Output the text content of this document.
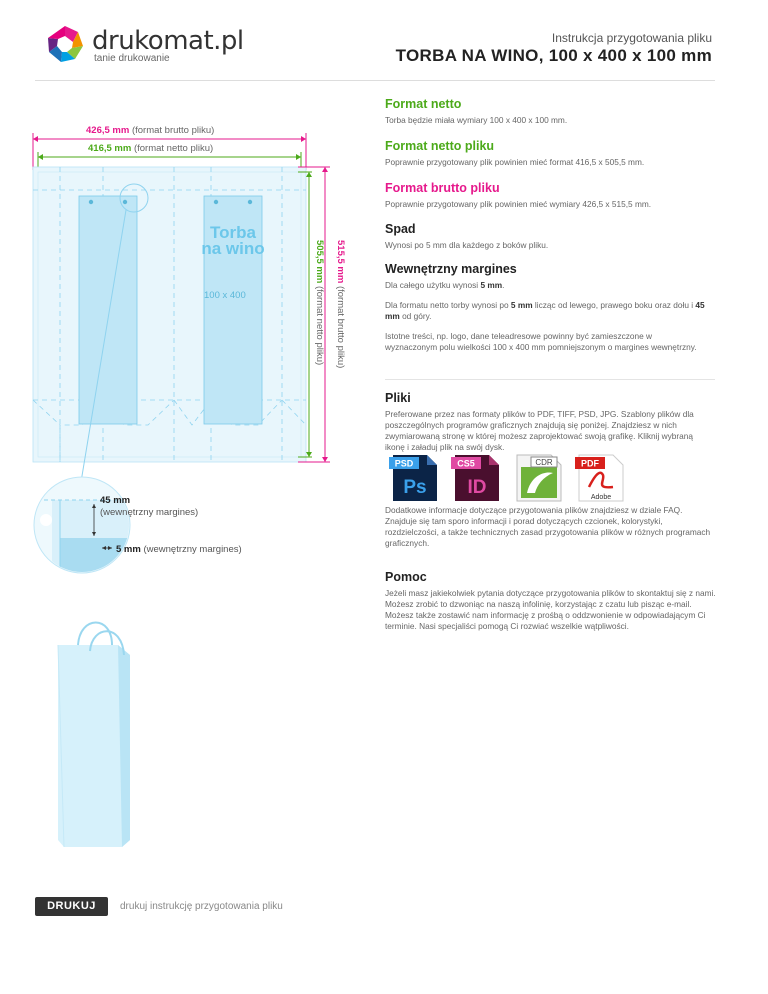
drukomat.pl
tanie drukowanie
Instrukcja przygotowania pliku
TORBA NA WINO, 100 x 400 x 100 mm
426,5 mm (format brutto pliku)
416,5 mm (format netto pliku)
515,5 mm (format brutto pliku)
505,5 mm (format netto pliku)
Torba na wino
100 x 400
45 mm
(wewnętrzny margines)
5 mm (wewnętrzny margines)
Format netto

Torba będzie miała wymiary 100 x 400 x 100 mm.

Format netto pliku

Poprawnie przygotowany plik powinien mieć format 416,5 x 505,5 mm.

Format brutto pliku

Poprawnie przygotowany plik powinien mieć wymiary 426,5 x 515,5 mm.

Spad

Wynosi po 5 mm dla każdego z boków pliku.

Wewnętrzny margines

Dla całego użytku wynosi 5 mm.

Dla formatu netto torby wynosi po 5 mm licząc od lewego, prawego boku oraz dołu i 45 mm od góry.

Istotne treści, np. logo, dane teleadresowe powinny być zamieszczone w wyznaczonym polu wielkości 100 x 400 mm pomniejszonym o margines wewnętrzny.

Pliki

Preferowane przez nas formaty plików to PDF, TIFF, PSD, JPG. Szablony plików dla poszczególnych programów graficznych znajdują się poniżej. Znajdziesz w nich zwymiarowaną stronę w której możesz zaprojektować swoją grafikę. Kliknij wybraną ikonę i załaduj plik na swój dysk.

PSD
Ps
CS5
ID
CDR	PDF
Adobe

Dodatkowe informacje dotyczące przygotowania plików znajdziesz w dziale FAQ. Znajduje się tam sporo informacji i porad dotyczących czcionek, kolorystyki, rozdzielczości, a także technicznych zasad przygotowania plików w różnych programach graficznych.

Pomoc

Jeżeli masz jakiekolwiek pytania dotyczące przygotowania plików to skontaktuj się z nami. Możesz zrobić to dzwoniąc na naszą infolinię, korzystając z czatu lub pisząc e-mail. Możesz także zostawić nam informację z prośbą o oddzwonienie w odpowiadającym Ci terminie. Nasi specjaliści pomogą Ci rozwiać wszelkie wątpliwości.

DRUKUJ	drukuj instrukcję przygotowania pliku
